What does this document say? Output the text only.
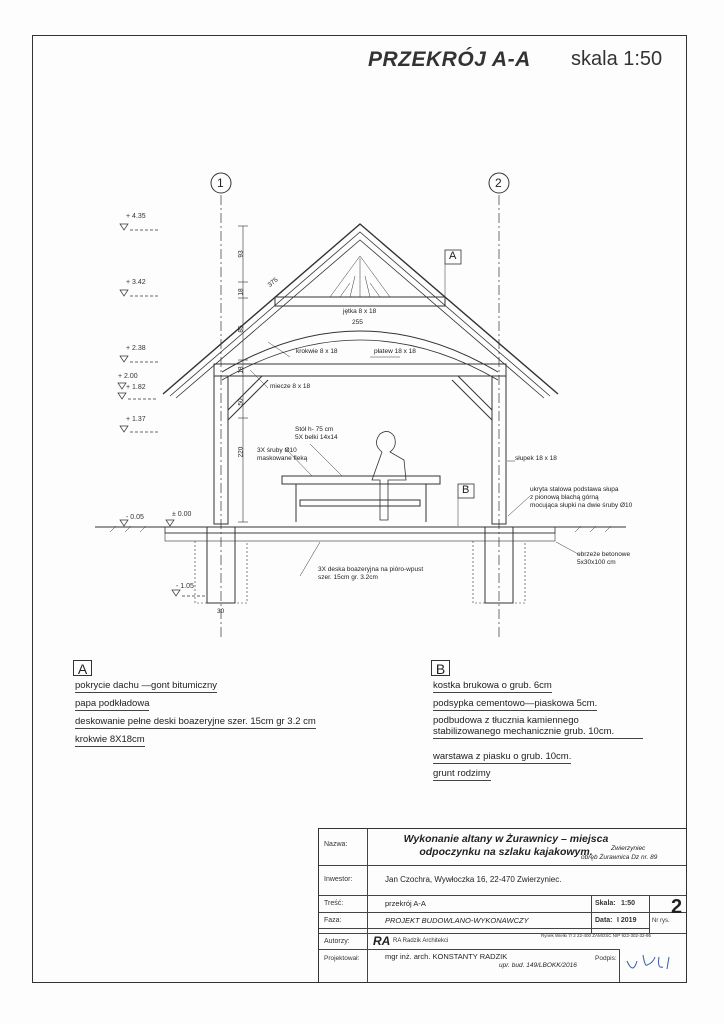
PRZEKRÓJ A-A skala 1:50
1	2
+ 4.35
+ 3.42
+ 2.38
+ 2.00
+ 1.82
+ 1.37
- 0.05	± 0.00
- 1.05
93
18
85
18
50
220
30
375
255
A
B
jętka 8 x 18
krokwie 8 x 18	płatew 18 x 18
miecze 8 x 18
Stół h- 75 cm
5X belki 14x14
3X śruby Ø10
maskowane fleką	słupek 18 x 18
ukryta stalowa podstawa słupa
z pionową blachą górną
mocująca słupki na dwie śruby Ø10
obrzeże betonowe
5x30x100 cm
3X deska boazeryjna na pióro-wpust
szer. 15cm gr. 3.2cm
A
pokrycie dachu —gont bitumiczny
papa podkładowa
deskowanie pełne deski boazeryjne szer. 15cm gr 3.2 cm
krokwie 8X18cm
B
kostka brukowa o grub. 6cm
podsypka cementowo—piaskowa 5cm.
podbudowa z tłucznia kamiennego stabilizowanego mechanicznie grub. 10cm.
warstawa z piasku o grub. 10cm.
grunt rodzimy
Nazwa:	Wykonanie altany w Żurawnicy – miejsca odpoczynku na szlaku kajakowym.	Zwierzyniec
obręb Żurawnica Dz nr. 89
Inwestor:	Jan Czochra, Wywłoczka 16, 22-470 Zwierzyniec.
Treść:	przekrój A-A	Skala: 1:50
Faza:	PROJEKT BUDOWLANO-WYKONAWCZY	Data: I 2019	Nr rys.
2
Autorzy: RA RA Radzik Architekci
Rynek Wielki 7/ 2 22-400 ZAMOŚĆ NIP 922-302-32-95
Projektował:	mgr inż. arch. KONSTANTY RADZIK
upr. bud. 149/LBOKK/2016
Podpis:
